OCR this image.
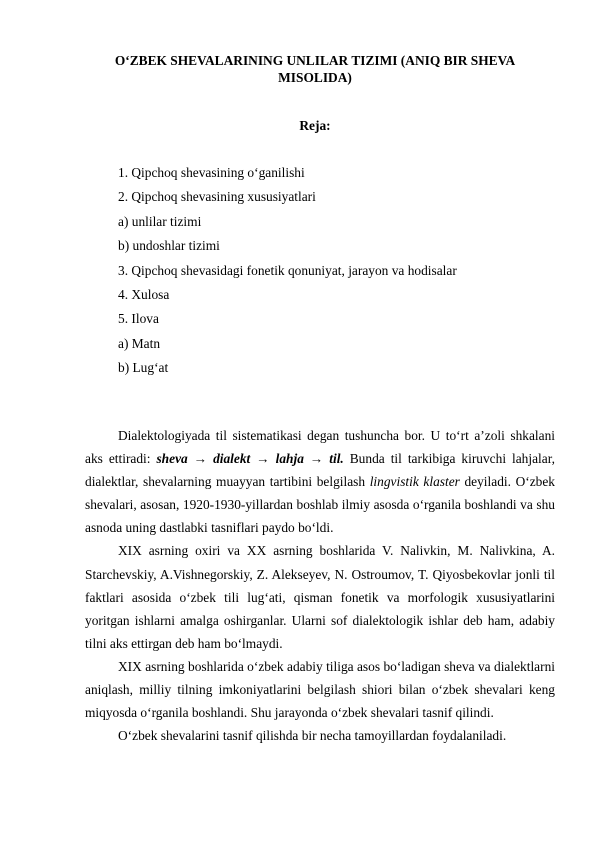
O‘ZBEK SHEVALARINING UNLILAR TIZIMI (ANIQ BIR SHEVA MISOLIDA)
Reja:
1. Qipchoq shevasining o‘ganilishi
2. Qipchoq shevasining xususiyatlari
a) unlilar tizimi
b) undoshlar tizimi
3. Qipchoq shevasidagi fonetik qonuniyat, jarayon va hodisalar
4. Xulosa
5. Ilova
a) Matn
b) Lug‘at

Dialektologiyada til sistematikasi degan tushuncha bor. U to‘rt a’zoli shkalani aks ettiradi: sheva → dialekt → lahja → til. Bunda til tarkibiga kiruvchi lahjalar, dialektlar, shevalarning muayyan tartibini belgilash lingvistik klaster deyiladi. O‘zbek shevalari, asosan, 1920-1930-yillardan boshlab ilmiy asosda o‘rganila boshlandi va shu asnoda uning dastlabki tasniflari paydo bo‘ldi.

XIX asrning oxiri va XX asrning boshlarida V. Nalivkin, M. Nalivkina, A. Starchevskiy, A.Vishnegorskiy, Z. Alekseyev, N. Ostroumov, T. Qiyosbekovlar jonli til faktlari asosida o‘zbek tili lug‘ati, qisman fonetik va morfologik xususiyatlarini yoritgan ishlarni amalga oshirganlar. Ularni sof dialektologik ishlar deb ham, adabiy tilni aks ettirgan deb ham bo‘lmaydi.

XIX asrning boshlarida o‘zbek adabiy tiliga asos bo‘ladigan sheva va dialektlarni aniqlash, milliy tilning imkoniyatlarini belgilash shiori bilan o‘zbek shevalari keng miqyosda o‘rganila boshlandi. Shu jarayonda o‘zbek shevalari tasnif qilindi.

O‘zbek shevalarini tasnif qilishda bir necha tamoyillardan foydalaniladi.
